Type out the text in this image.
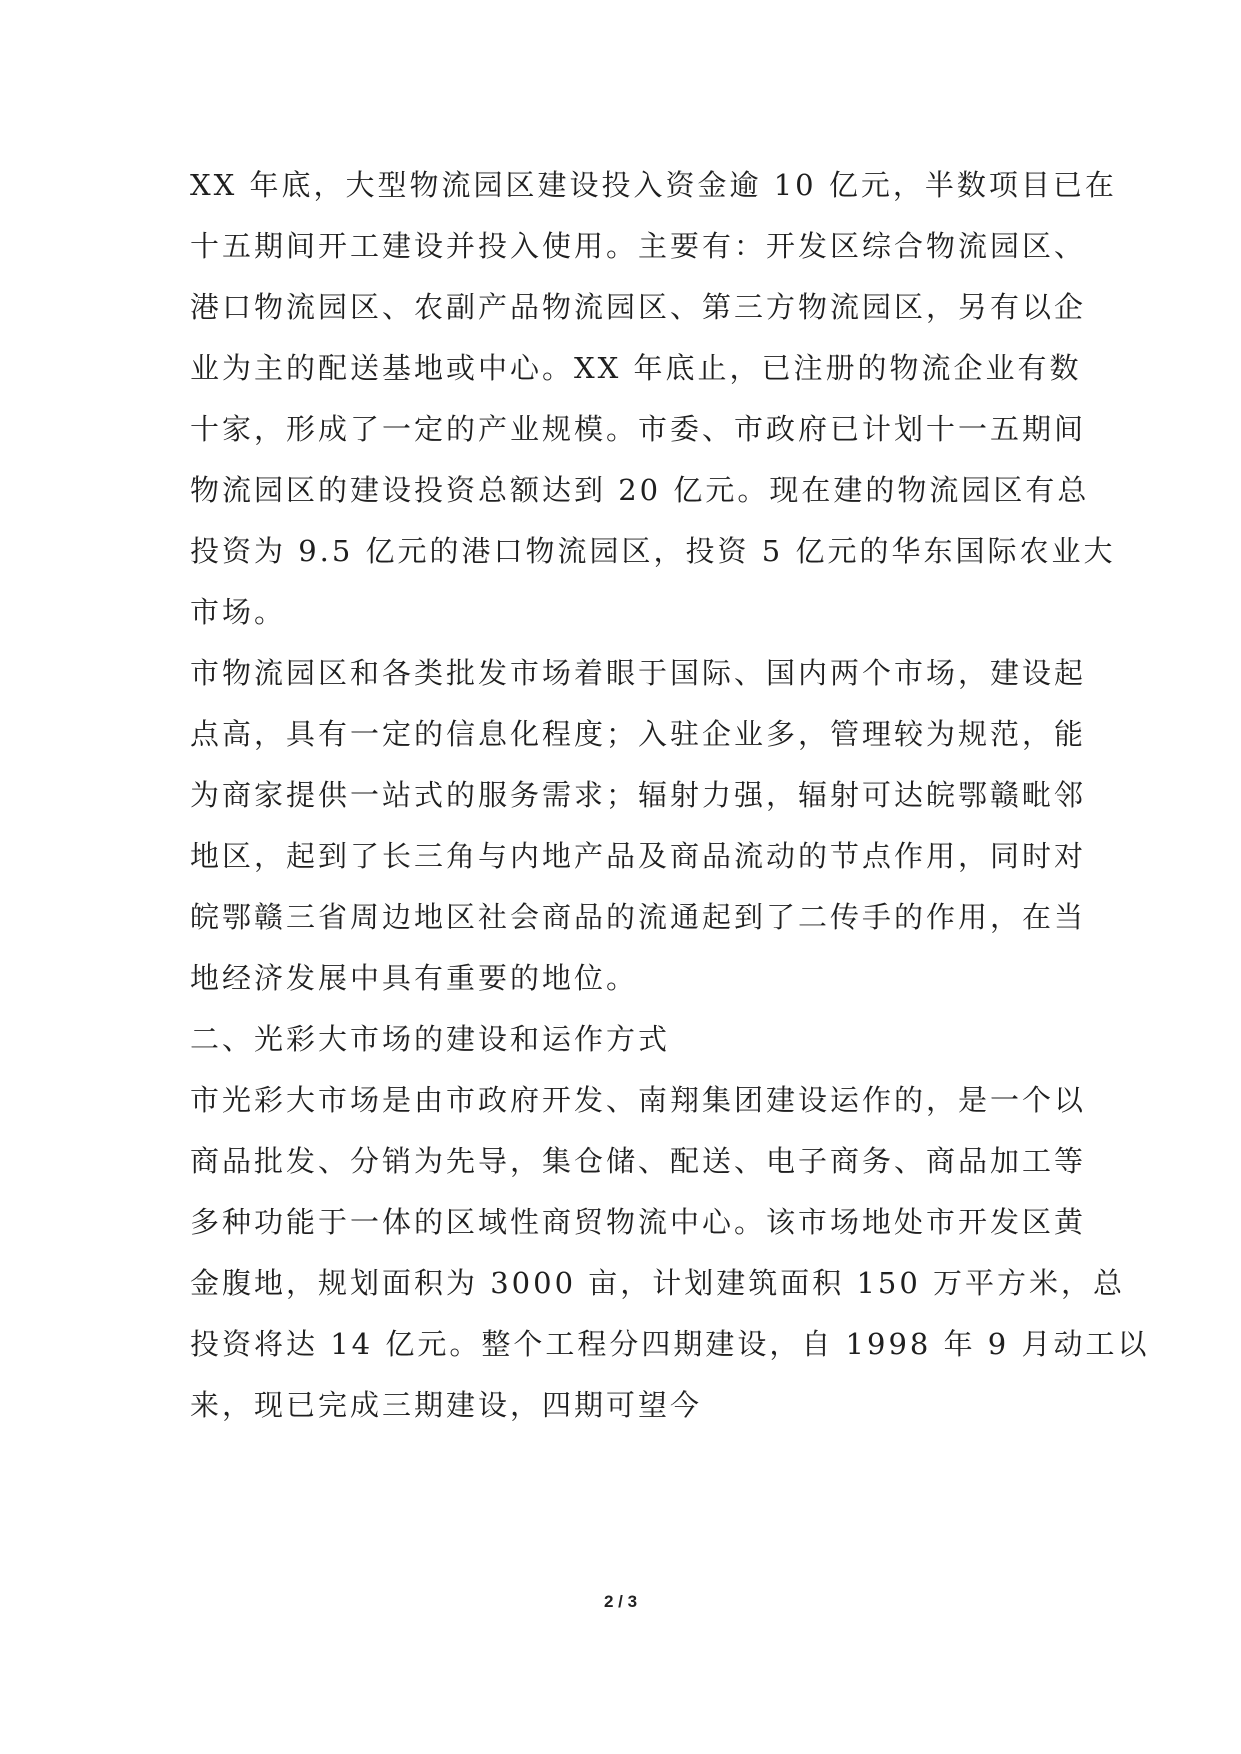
XX 年底，大型物流园区建设投入资金逾 10 亿元，半数项目已在
十五期间开工建设并投入使用。主要有：开发区综合物流园区、
港口物流园区、农副产品物流园区、第三方物流园区，另有以企
业为主的配送基地或中心。XX 年底止，已注册的物流企业有数
十家，形成了一定的产业规模。市委、市政府已计划十一五期间
物流园区的建设投资总额达到 20 亿元。现在建的物流园区有总
投资为 9.5 亿元的港口物流园区，投资 5 亿元的华东国际农业大
市场。
市物流园区和各类批发市场着眼于国际、国内两个市场，建设起
点高，具有一定的信息化程度；入驻企业多，管理较为规范，能
为商家提供一站式的服务需求；辐射力强，辐射可达皖鄂赣毗邻
地区，起到了长三角与内地产品及商品流动的节点作用，同时对
皖鄂赣三省周边地区社会商品的流通起到了二传手的作用，在当
地经济发展中具有重要的地位。
二、光彩大市场的建设和运作方式
市光彩大市场是由市政府开发、南翔集团建设运作的，是一个以
商品批发、分销为先导，集仓储、配送、电子商务、商品加工等
多种功能于一体的区域性商贸物流中心。该市场地处市开发区黄
金腹地，规划面积为 3000 亩，计划建筑面积 150 万平方米，总
投资将达 14 亿元。整个工程分四期建设，自 1998 年 9 月动工以
来，现已完成三期建设，四期可望今
2 / 3
